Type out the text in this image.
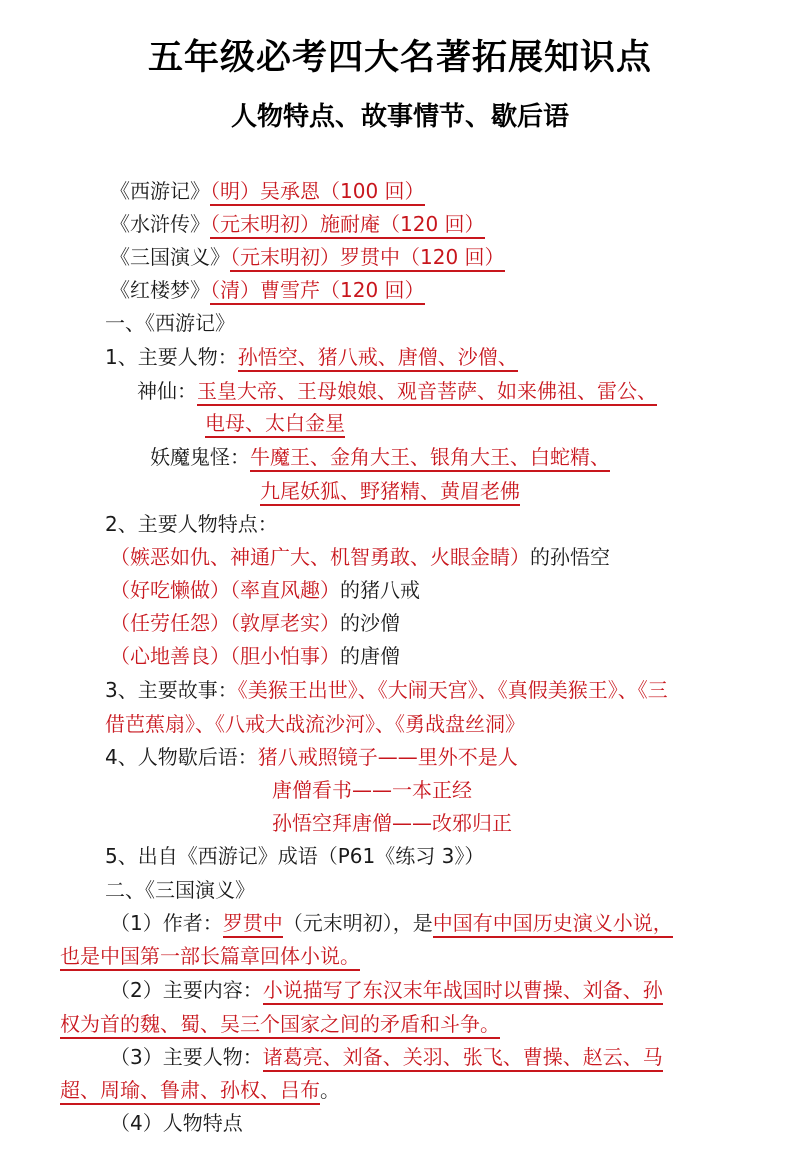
五年级必考四大名著拓展知识点
人物特点、故事情节、歇后语
《西游记》（明）吴承恩（100 回）
《水浒传》（元末明初）施耐庵（120 回）
《三国演义》（元末明初）罗贯中（120 回）
《红楼梦》（清）曹雪芹（120 回）
一、《西游记》
1、主要人物：孙悟空、猪八戒、唐僧、沙僧、
神仙：玉皇大帝、王母娘娘、观音菩萨、如来佛祖、雷公、
电母、太白金星
妖魔鬼怪：牛魔王、金角大王、银角大王、白蛇精、
九尾妖狐、野猪精、黄眉老佛
2、主要人物特点：
（嫉恶如仇、神通广大、机智勇敢、火眼金睛）的孙悟空
（好吃懒做）（率直风趣）的猪八戒
（任劳任怨）（敦厚老实）的沙僧
（心地善良）（胆小怕事）的唐僧
3、主要故事：《美猴王出世》、《大闹天宫》、《真假美猴王》、《三
借芭蕉扇》、《八戒大战流沙河》、《勇战盘丝洞》
4、人物歇后语：猪八戒照镜子——里外不是人
唐僧看书——一本正经
孙悟空拜唐僧——改邪归正
5、出自《西游记》成语（P61《练习 3》）
二、《三国演义》
（1）作者：罗贯中（元末明初），是中国有中国历史演义小说，
也是中国第一部长篇章回体小说。
（2）主要内容：小说描写了东汉末年战国时以曹操、刘备、孙
权为首的魏、蜀、吴三个国家之间的矛盾和斗争。
（3）主要人物：诸葛亮、刘备、关羽、张飞、曹操、赵云、马
超、周瑜、鲁肃、孙权、吕布。
（4）人物特点
